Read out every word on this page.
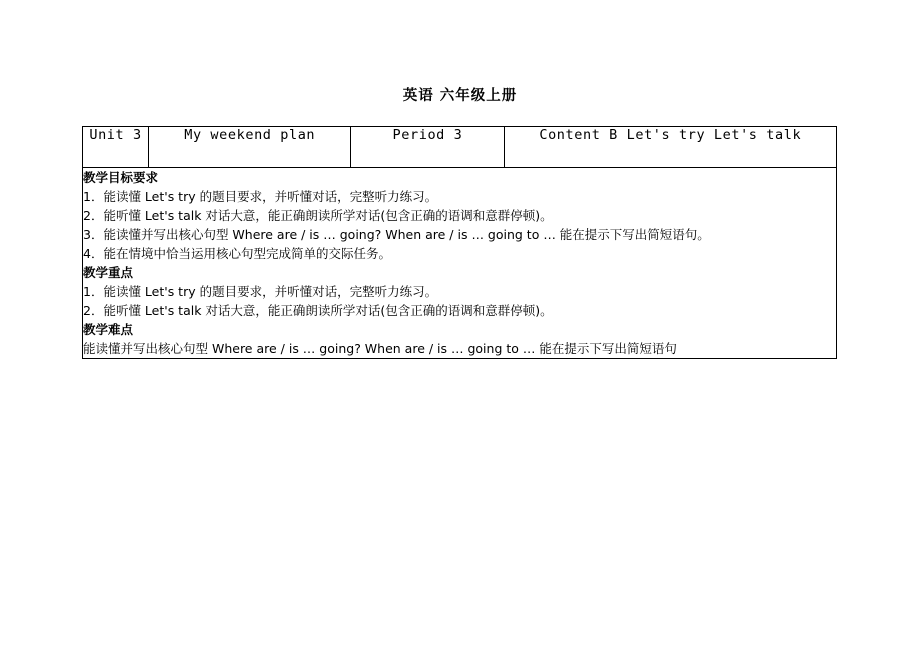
英语 六年级上册
Unit 3	My weekend plan	Period 3	Content B Let's try Let's talk

教学目标要求

1．能读懂 Let's try 的题目要求，并听懂对话，完整听力练习。

2．能听懂 Let's talk 对话大意，能正确朗读所学对话(包含正确的语调和意群停顿)。

3．能读懂并写出核心句型 Where are / is … going? When are / is … going to … 能在提示下写出简短语句。

4．能在情境中恰当运用核心句型完成简单的交际任务。

教学重点

1．能读懂 Let's try 的题目要求，并听懂对话，完整听力练习。

2．能听懂 Let's talk 对话大意，能正确朗读所学对话(包含正确的语调和意群停顿)。

教学难点

能读懂并写出核心句型 Where are / is … going? When are / is … going to … 能在提示下写出简短语句
